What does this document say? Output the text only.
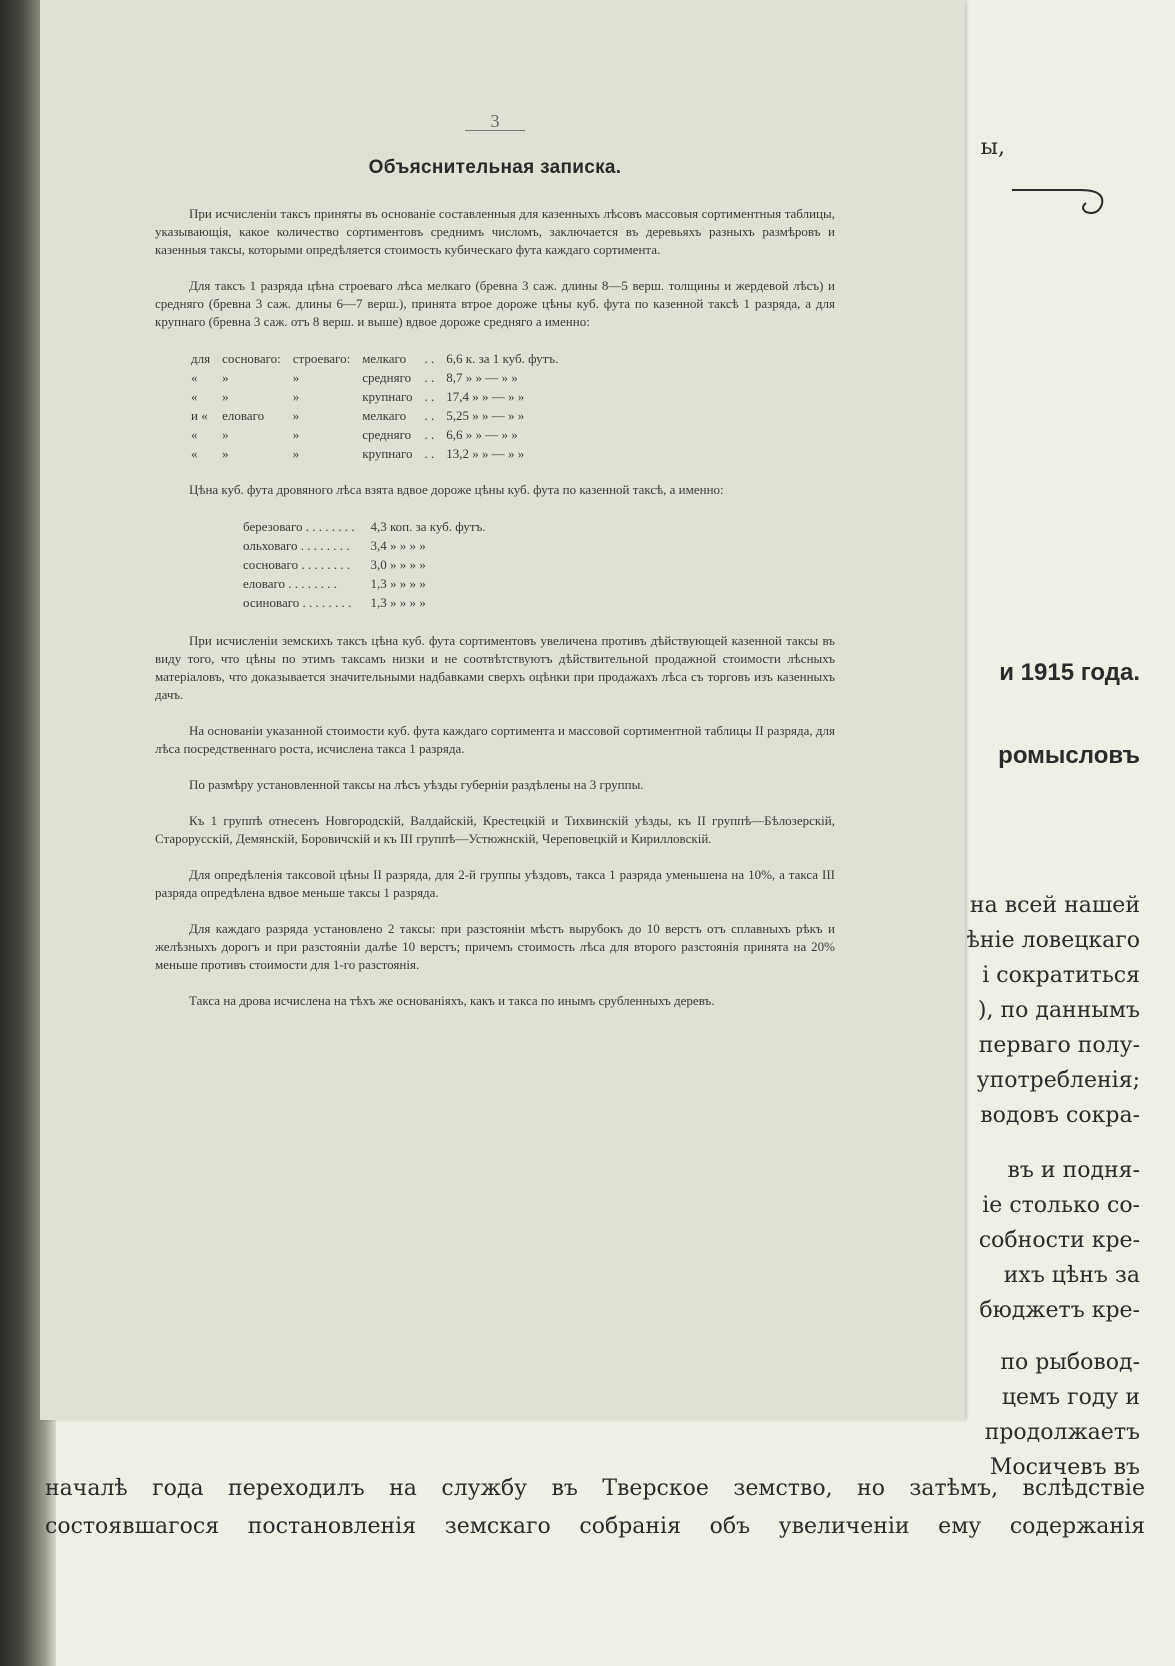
3
Объяснительная записка.

При исчисленіи таксъ приняты въ основаніе составленныя для казенныхъ лѣсовъ массовыя сортиментныя таблицы, указывающія, какое количество сортиментовъ среднимъ числомъ, заключается въ деревьяхъ разныхъ размѣровъ и казенныя таксы, которыми опредѣляется стоимость кубическаго фута каждаго сортимента.

Для таксъ 1 разряда цѣна строеваго лѣса мелкаго (бревна 3 саж. длины 8—5 верш. толщины и жердевой лѣсъ) и средняго (бревна 3 саж. длины 6—7 верш.), принята втрое дороже цѣны куб. фута по казенной таксѣ 1 разряда, а для крупнаго (бревна 3 саж. отъ 8 верш. и выше) вдвое дороже средняго а именно:

для	сосноваго:	строеваго:	мелкаго	. .	6,6 к. за 1 куб. футъ.
«	»	»	средняго	. .	8,7 » » — » »
«	»	»	крупнаго	. .	17,4 » » — » »
и «	еловаго	»	мелкаго	. .	5,25 » » — » »
«	»	»	средняго	. .	6,6 » » — » »
«	»	»	крупнаго	. .	13,2 » » — » »

Цѣна куб. фута дровяного лѣса взята вдвое дороже цѣны куб. фута по казенной таксѣ, а именно:

березоваго . . . . . . . .	4,3 коп. за куб. футъ.
ольховаго . . . . . . . .	3,4 » » » »
сосноваго . . . . . . . .	3,0 » » » »
еловаго . . . . . . . .	1,3 » » » »
осиноваго . . . . . . . .	1,3 » » » »

При исчисленіи земскихъ таксъ цѣна куб. фута сортиментовъ увеличена противъ дѣйствующей казенной таксы въ виду того, что цѣны по этимъ таксамъ низки и не соотвѣтствуютъ дѣйствительной продажной стоимости лѣсныхъ матеріаловъ, что доказывается значительными надбавками сверхъ оцѣнки при продажахъ лѣса съ торговъ изъ казенныхъ дачъ.

На основаніи указанной стоимости куб. фута каждаго сортимента и массовой сортиментной таблицы II разряда, для лѣса посредственнаго роста, исчислена такса 1 разряда.

По размѣру установленной таксы на лѣсъ уѣзды губерніи раздѣлены на 3 группы.

Къ 1 группѣ отнесенъ Новгородскій, Валдайскій, Крестецкій и Тихвинскій уѣзды, къ II группѣ—Бѣлозерскій, Старорусскій, Демянскій, Боровичскій и къ III группѣ—Устюжнскій, Череповецкій и Кирилловскій.

Для опредѣленія таксовой цѣны II разряда, для 2-й группы уѣздовъ, такса 1 разряда уменьшена на 10%, а такса III разряда опредѣлена вдвое меньше таксы 1 разряда.

Для каждаго разряда установлено 2 таксы: при разстояніи мѣстъ вырубокъ до 10 верстъ отъ сплавныхъ рѣкъ и желѣзныхъ дорогъ и при разстояніи далѣе 10 верстъ; причемъ стоимость лѣса для второго разстоянія принята на 20% меньше противъ стоимости для 1-го разстоянія.

Такса на дрова исчислена на тѣхъ же основаніяхъ, какъ и такса по инымъ срубленныхъ деревъ.

ы,
и 1915 года.
ромысловъ
на всей нашей
ѣніе ловецкаго
і сократиться
), по даннымъ
перваго полу-
употребленія;
водовъ сокра-
въ и подня-
іе столько со-
собности кре-
ихъ цѣнъ за
бюджетъ кре-
по рыбовод-
цемъ году и
продолжаетъ
Мосичевъ въ
началѣ года переходилъ на службу въ Тверское земство, но затѣмъ, вслѣдствіе
состоявшагося постановленія земскаго собранія объ увеличеніи ему содержанія
